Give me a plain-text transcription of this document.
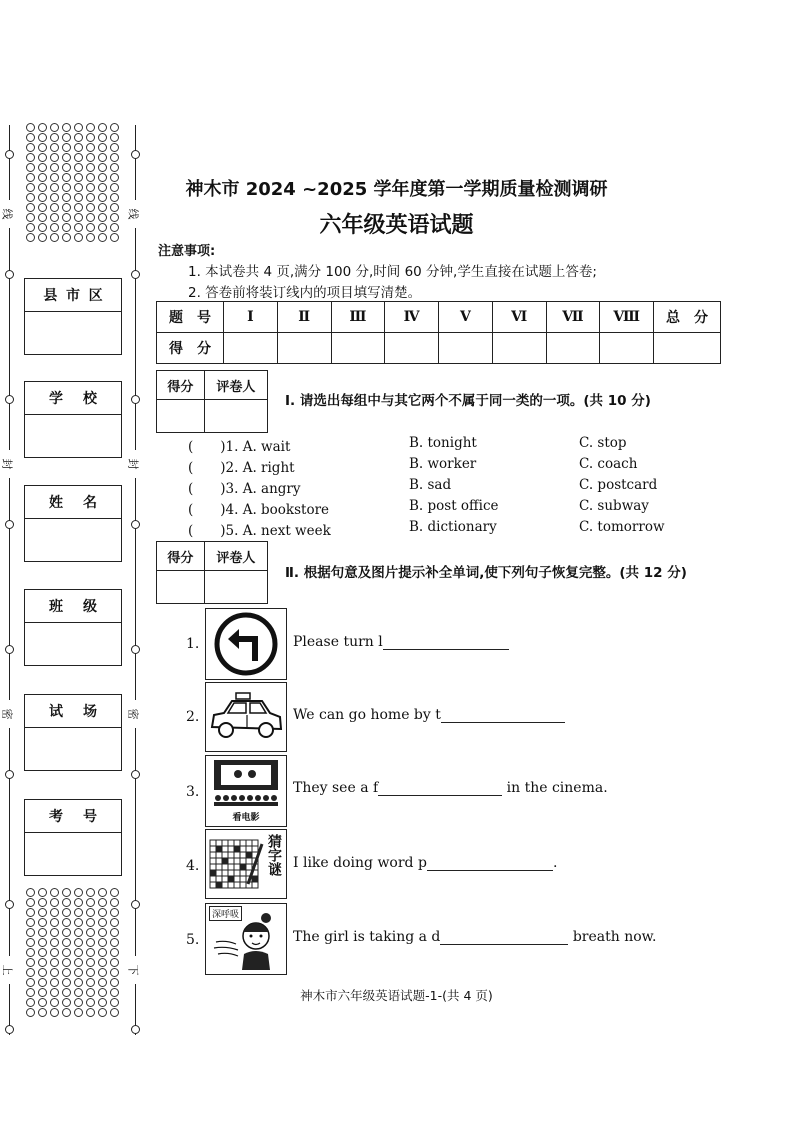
线
封
密
上
线
封
密
下
县 市 区
学 校
姓 名
班 级
试 场
考 号
神木市 2024 ~2025 学年度第一学期质量检测调研
六年级英语试题
注意事项:
1. 本试卷共 4 页,满分 100 分,时间 60 分钟,学生直接在试题上答卷;
2. 答卷前将装订线内的项目填写清楚。
题　号	Ⅰ	Ⅱ	Ⅲ	Ⅳ	Ⅴ	Ⅵ	Ⅶ	Ⅷ	总　分
得　分									
得分	评卷人
Ⅰ. 请选出每组中与其它两个不属于同一类的一项。(共 10 分)
(　　)1. A. wait	B. tonight	C. stop
(　　)2. A. right	B. worker	C. coach
(　　)3. A. angry	B. sad	C. postcard
(　　)4. A. bookstore	B. post office	C. subway
(　　)5. A. next week	B. dictionary	C. tomorrow
得分	评卷人
Ⅱ. 根据句意及图片提示补全单词,使下列句子恢复完整。(共 12 分)
1.	Please turn l
2.	We can go home by t
3.
看电影
They see a f	in the cinema.
4.	猜字谜 I like doing word p	.
5.
深呼吸
The girl is taking a d	breath now.
神木市六年级英语试题-1-(共 4 页)
